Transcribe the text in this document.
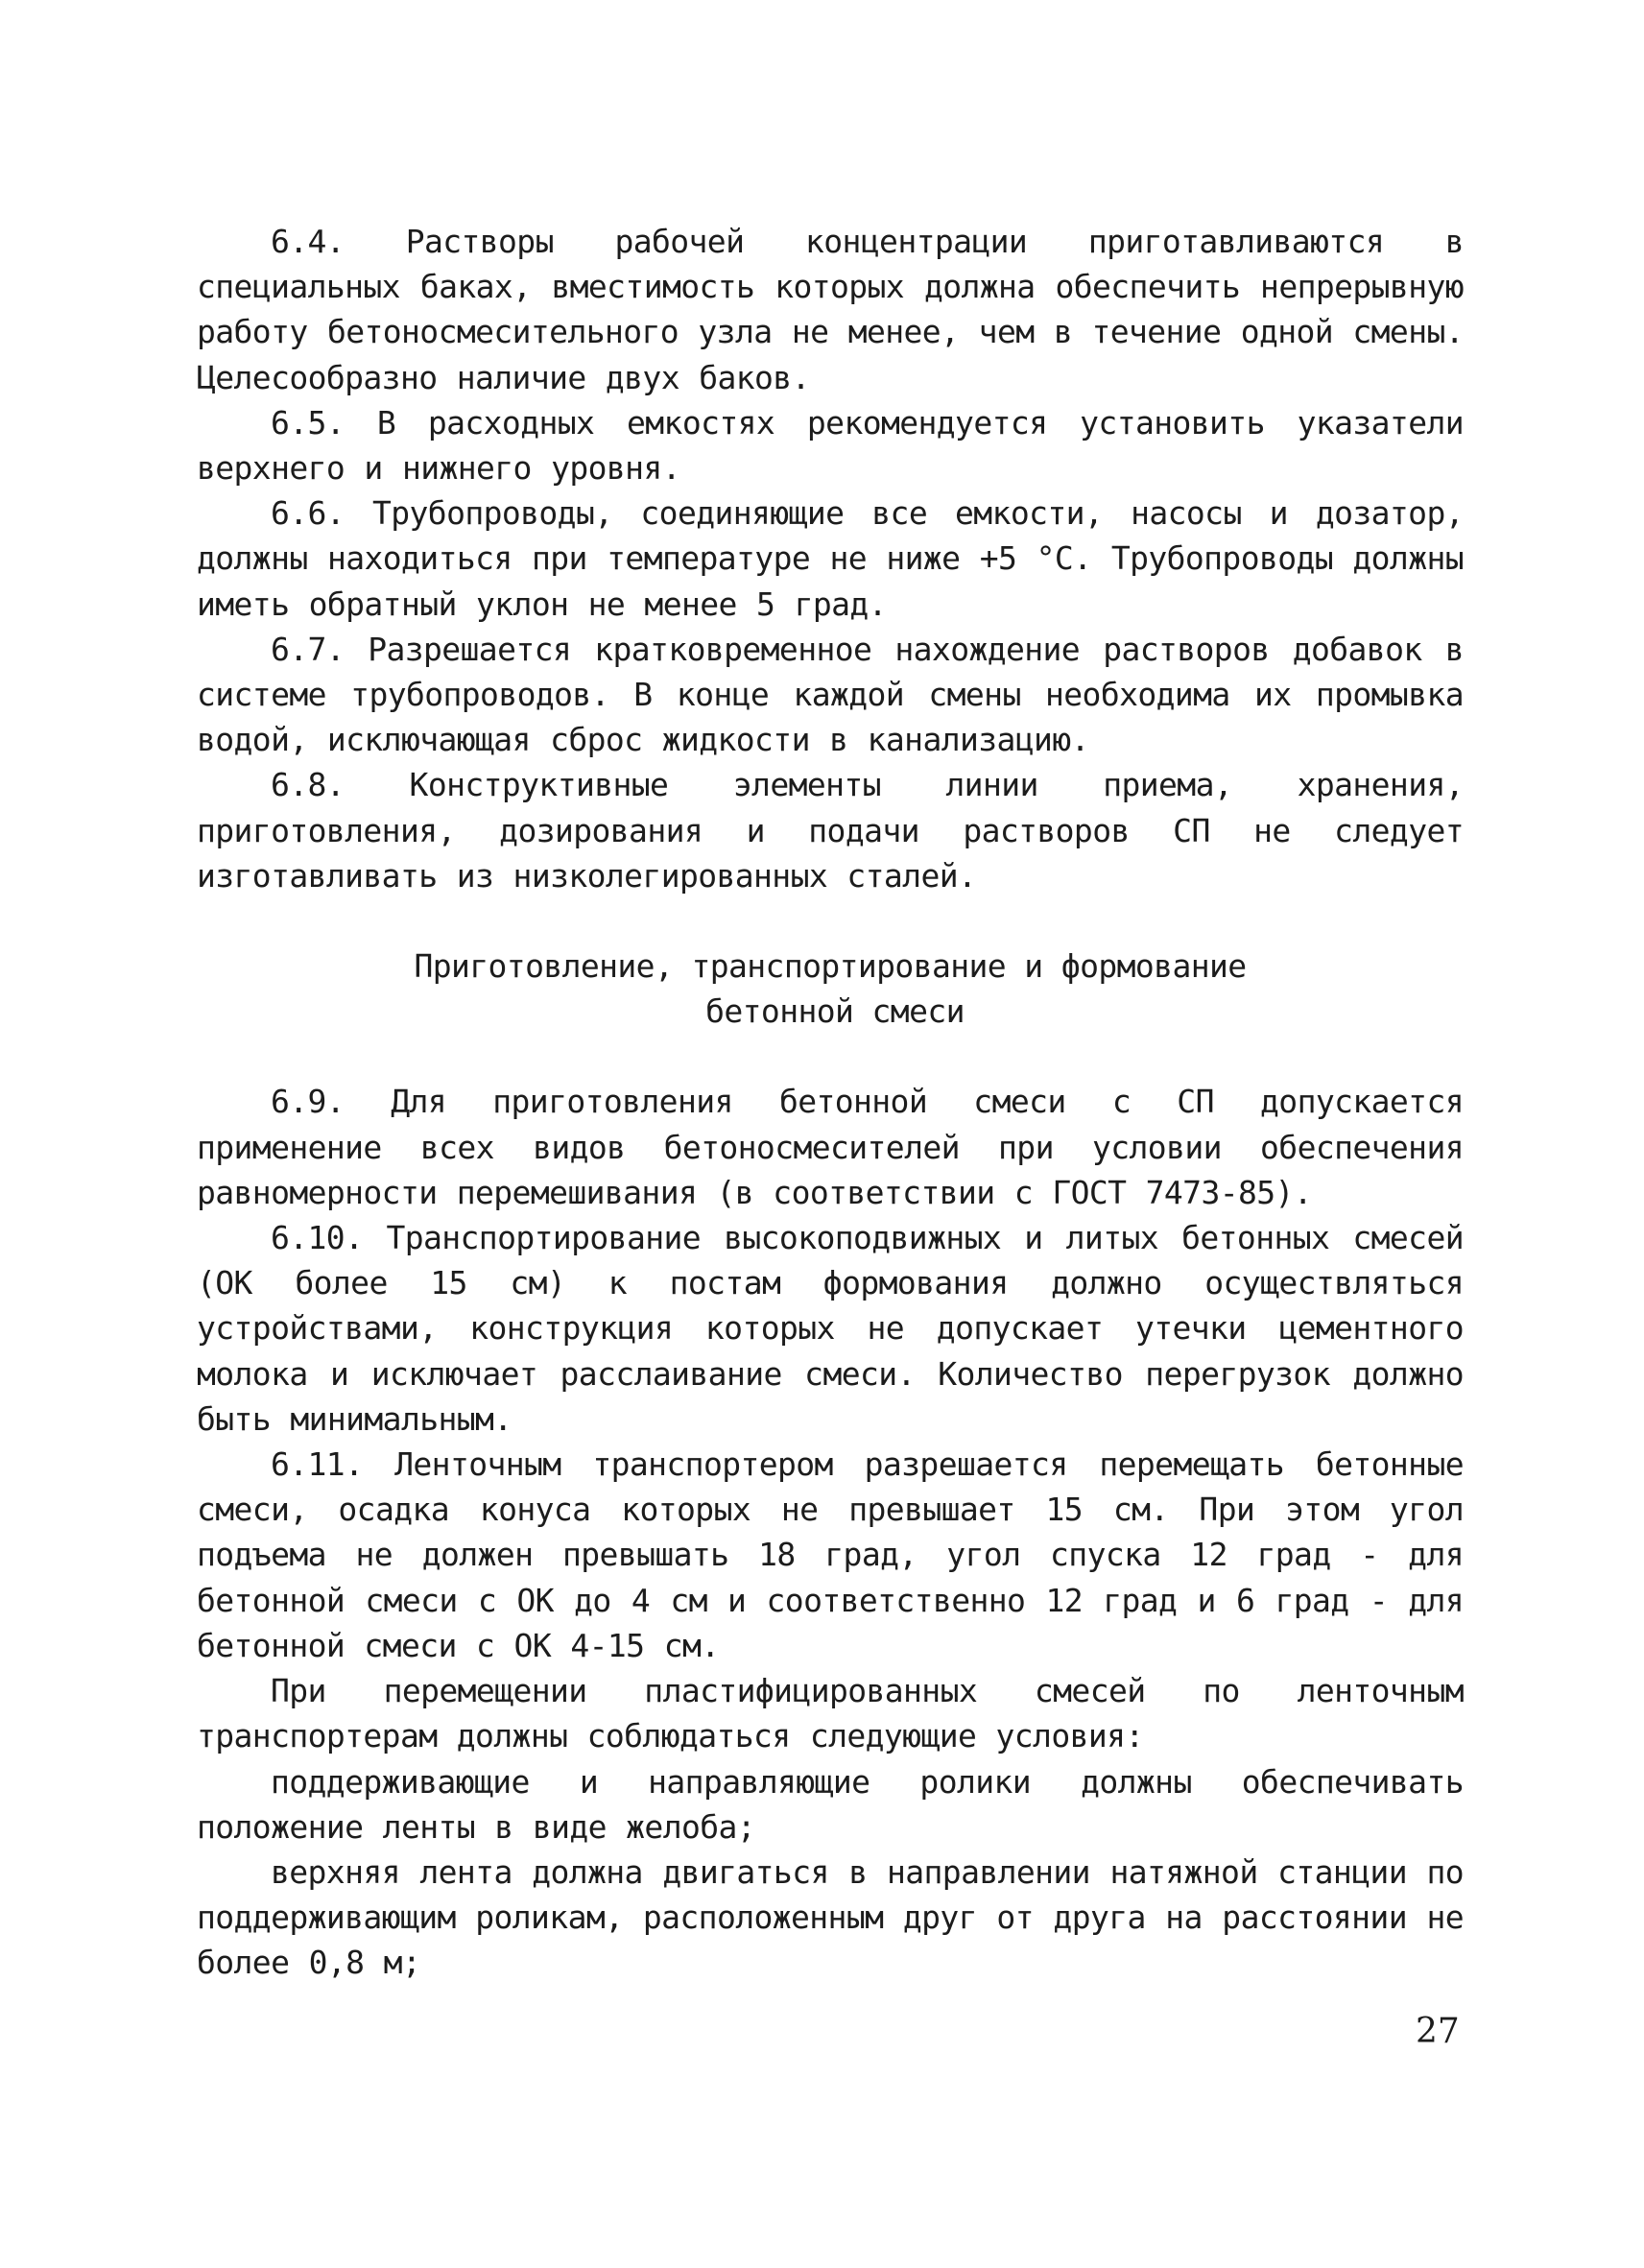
6.4. Растворы рабочей концентрации приготавливаются в специальных баках, вместимость которых должна обеспечить непрерывную работу бетоносмесительного узла не менее, чем в течение одной смены. Целесообразно наличие двух баков.

6.5. В расходных емкостях рекомендуется установить указатели верхнего и нижнего уровня.

6.6. Трубопроводы, соединяющие все емкости, насосы и дозатор, должны находиться при температуре не ниже +5 °С. Трубопроводы должны иметь обратный уклон не менее 5 град.

6.7. Разрешается кратковременное нахождение растворов добавок в системе трубопроводов. В конце каждой смены необходима их промывка водой, исключающая сброс жидкости в канализацию.

6.8. Конструктивные элементы линии приема, хранения, приготовления, дозирования и подачи растворов СП не следует изготавливать из низколегированных сталей.

Приготовление, транспортирование и формование
бетонной смеси

6.9. Для приготовления бетонной смеси с СП допускается применение всех видов бетоносмесителей при условии обеспечения равномерности перемешивания (в соответствии с ГОСТ 7473-85).

6.10. Транспортирование высокоподвижных и литых бетонных смесей (ОК более 15 см) к постам формования должно осуществляться устройствами, конструкция которых не допускает утечки цементного молока и исключает расслаивание смеси. Количество перегрузок должно быть минимальным.

6.11. Ленточным транспортером разрешается перемещать бетонные смеси, осадка конуса которых не превышает 15 см. При этом угол подъема не должен превышать 18 град, угол спуска 12 град - для бетонной смеси с ОК до 4 см и соответственно 12 град и 6 град - для бетонной смеси с ОК 4-15 см.

При перемещении пластифицированных смесей по ленточным транспортерам должны соблюдаться следующие условия:

поддерживающие и направляющие ролики должны обеспечивать положение ленты в виде желоба;

верхняя лента должна двигаться в направлении натяжной станции по поддерживающим роликам, расположенным друг от друга на расстоянии не более 0,8 м;

27
